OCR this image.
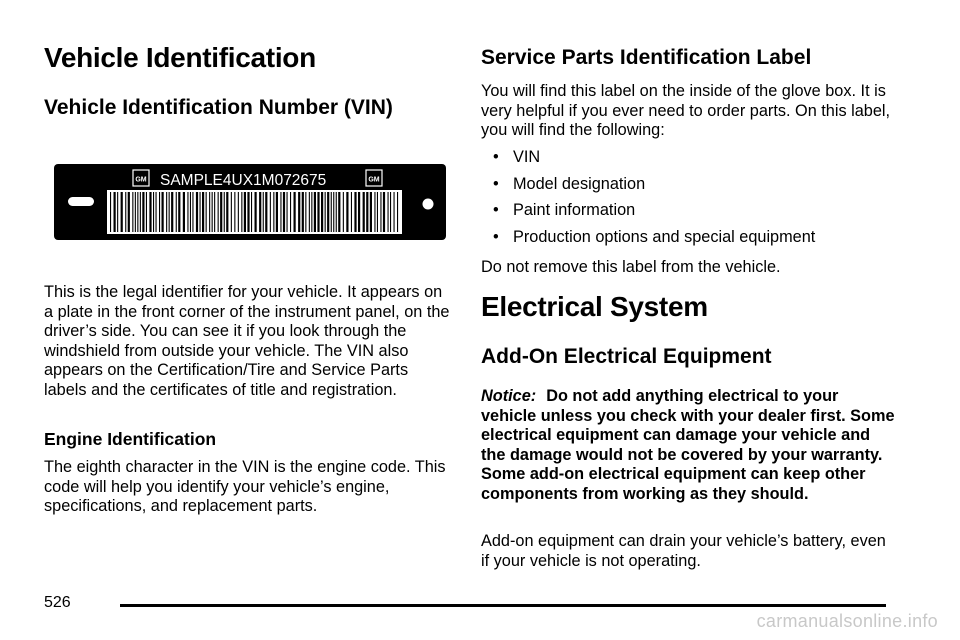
Vehicle Identification
Vehicle Identification Number (VIN)
GM	GM
SAMPLE4UX1M072675

This is the legal identifier for your vehicle. It appears on a plate in the front corner of the instrument panel, on the driver’s side. You can see it if you look through the windshield from outside your vehicle. The VIN also appears on the Certification/Tire and Service Parts labels and the certificates of title and registration.

Engine Identification

The eighth character in the VIN is the engine code. This code will help you identify your vehicle’s engine, specifications, and replacement parts.

Service Parts Identification Label

You will find this label on the inside of the glove box. It is very helpful if you ever need to order parts. On this label, you will find the following:

• VIN
• Model designation
• Paint information
• Production options and special equipment

Do not remove this label from the vehicle.

Electrical System
Add-On Electrical Equipment
Notice: Do not add anything electrical to your vehicle unless you check with your dealer first. Some electrical equipment can damage your vehicle and the damage would not be covered by your warranty. Some add-on electrical equipment can keep other components from working as they should.

Add-on equipment can drain your vehicle’s battery, even if your vehicle is not operating.

526
carmanualsonline.info
